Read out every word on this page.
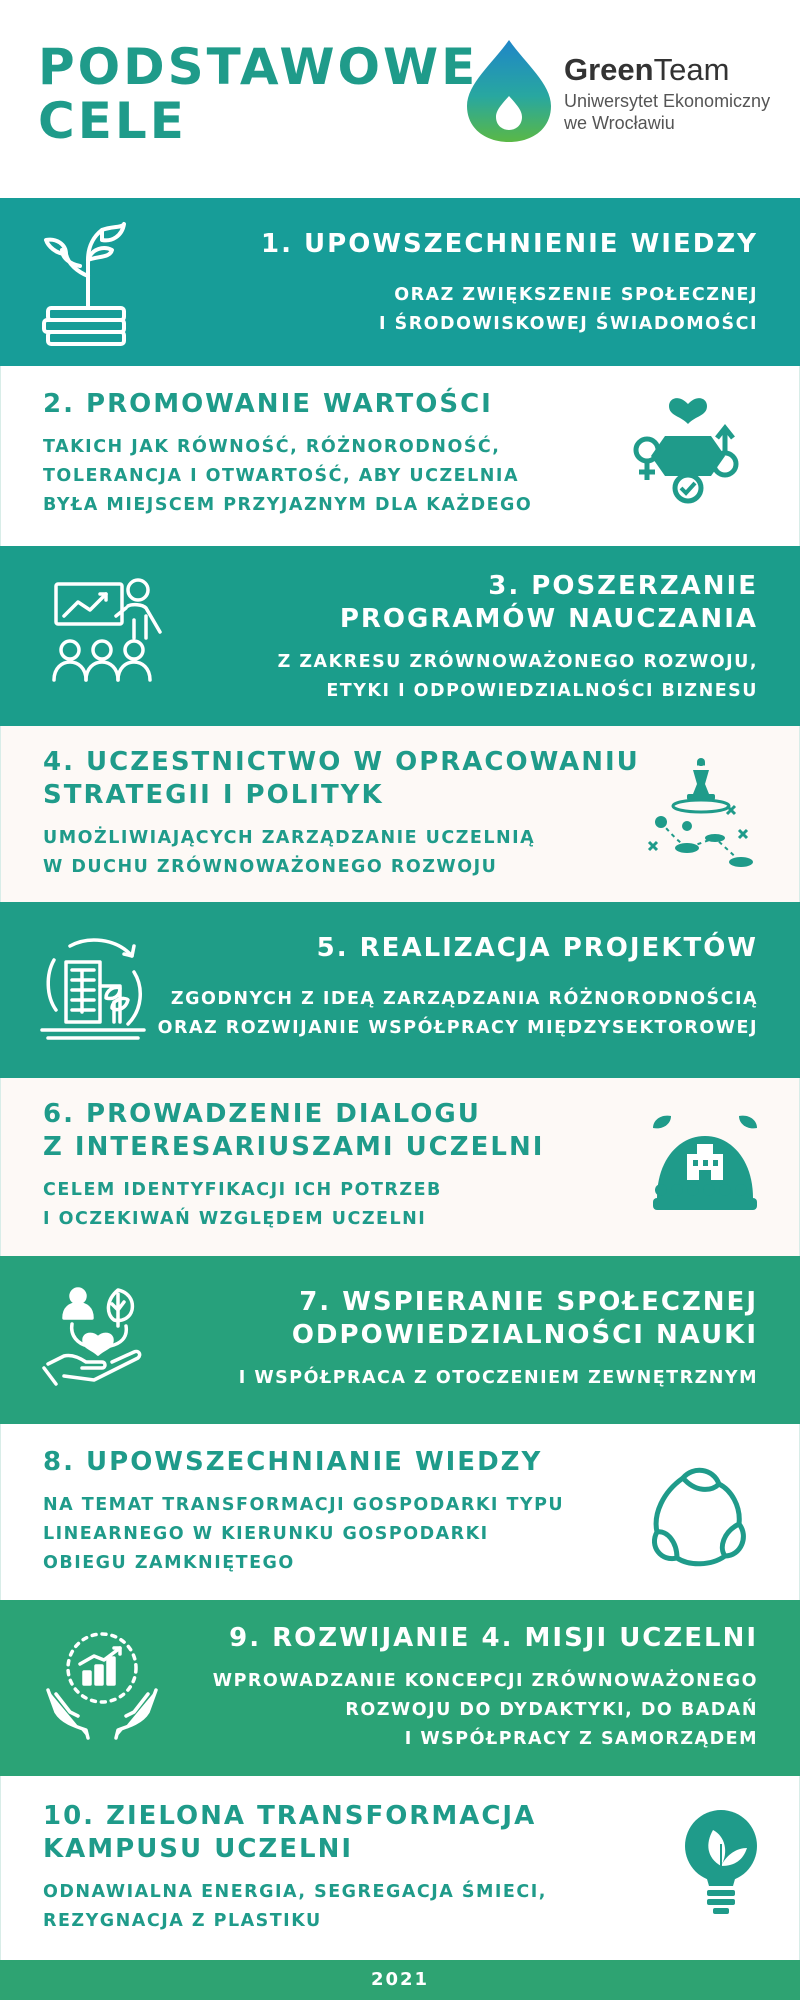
PODSTAWOWE
CELE
GreenTeam
Uniwersytet Ekonomiczny
we Wrocławiu
1. UPOWSZECHNIENIE WIEDZY
ORAZ ZWIĘKSZENIE SPOŁECZNEJ
I ŚRODOWISKOWEJ ŚWIADOMOŚCI
2. PROMOWANIE WARTOŚCI
TAKICH JAK RÓWNOŚĆ, RÓŻNORODNOŚĆ,
TOLERANCJA I OTWARTOŚĆ, ABY UCZELNIA
BYŁA MIEJSCEM PRZYJAZNYM DLA KAŻDEGO
3. POSZERZANIE
PROGRAMÓW NAUCZANIA
Z ZAKRESU ZRÓWNOWAŻONEGO ROZWOJU,
ETYKI I ODPOWIEDZIALNOŚCI BIZNESU
4. UCZESTNICTWO W OPRACOWANIU
STRATEGII I POLITYK
UMOŻLIWIAJĄCYCH ZARZĄDZANIE UCZELNIĄ
W DUCHU ZRÓWNOWAŻONEGO ROZWOJU
5. REALIZACJA PROJEKTÓW
ZGODNYCH Z IDEĄ ZARZĄDZANIA RÓŻNORODNOŚCIĄ
ORAZ ROZWIJANIE WSPÓŁPRACY MIĘDZYSEKTOROWEJ
6. PROWADZENIE DIALOGU
Z INTERESARIUSZAMI UCZELNI
CELEM IDENTYFIKACJI ICH POTRZEB
I OCZEKIWAŃ WZGLĘDEM UCZELNI
7. WSPIERANIE SPOŁECZNEJ
ODPOWIEDZIALNOŚCI NAUKI
I WSPÓŁPRACA Z OTOCZENIEM ZEWNĘTRZNYM
8. UPOWSZECHNIANIE WIEDZY
NA TEMAT TRANSFORMACJI GOSPODARKI TYPU
LINEARNEGO W KIERUNKU GOSPODARKI
OBIEGU ZAMKNIĘTEGO
9. ROZWIJANIE 4. MISJI UCZELNI
WPROWADZANIE KONCEPCJI ZRÓWNOWAŻONEGO
ROZWOJU DO DYDAKTYKI, DO BADAŃ
I WSPÓŁPRACY Z SAMORZĄDEM
10. ZIELONA TRANSFORMACJA
KAMPUSU UCZELNI
ODNAWIALNA ENERGIA, SEGREGACJA ŚMIECI,
REZYGNACJA Z PLASTIKU
2021
